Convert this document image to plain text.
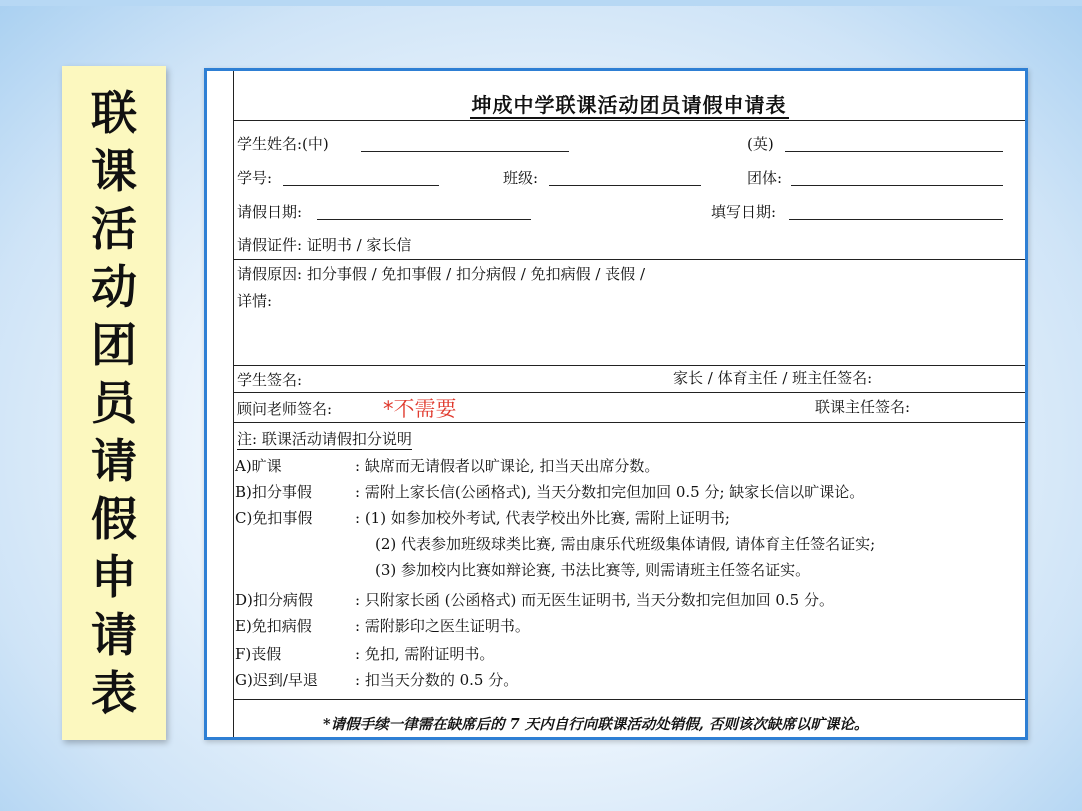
联
课
活
动
团
员
请
假
申
请
表
坤成中学联课活动团员请假申请表
学生姓名:(中)	(英)
学号:	班级:	团体:
请假日期:	填写日期:
请假证件: 证明书 / 家长信
请假原因: 扣分事假 / 免扣事假 / 扣分病假 / 免扣病假 / 丧假 /
详情:
学生签名:	家长 / 体育主任 / 班主任签名:
顾问老师签名: *不需要	联课主任签名:
注: 联课活动请假扣分说明
A)旷课	: 缺席而无请假者以旷课论, 扣当天出席分数。
B)扣分事假	: 需附上家长信(公函格式), 当天分数扣完但加回 0.5 分; 缺家长信以旷课论。
C)免扣事假	: (1) 如参加校外考试, 代表学校出外比赛, 需附上证明书;
(2) 代表参加班级球类比赛, 需由康乐代班级集体请假, 请体育主任签名证实;
(3) 参加校内比赛如辩论赛, 书法比赛等, 则需请班主任签名证实。
D)扣分病假	: 只附家长函 (公函格式) 而无医生证明书, 当天分数扣完但加回 0.5 分。
E)免扣病假	: 需附影印之医生证明书。
F)丧假	: 免扣, 需附证明书。
G)迟到/早退 : 扣当天分数的 0.5 分。
*请假手续一律需在缺席后的 7 天内自行向联课活动处销假, 否则该次缺席以旷课论。
